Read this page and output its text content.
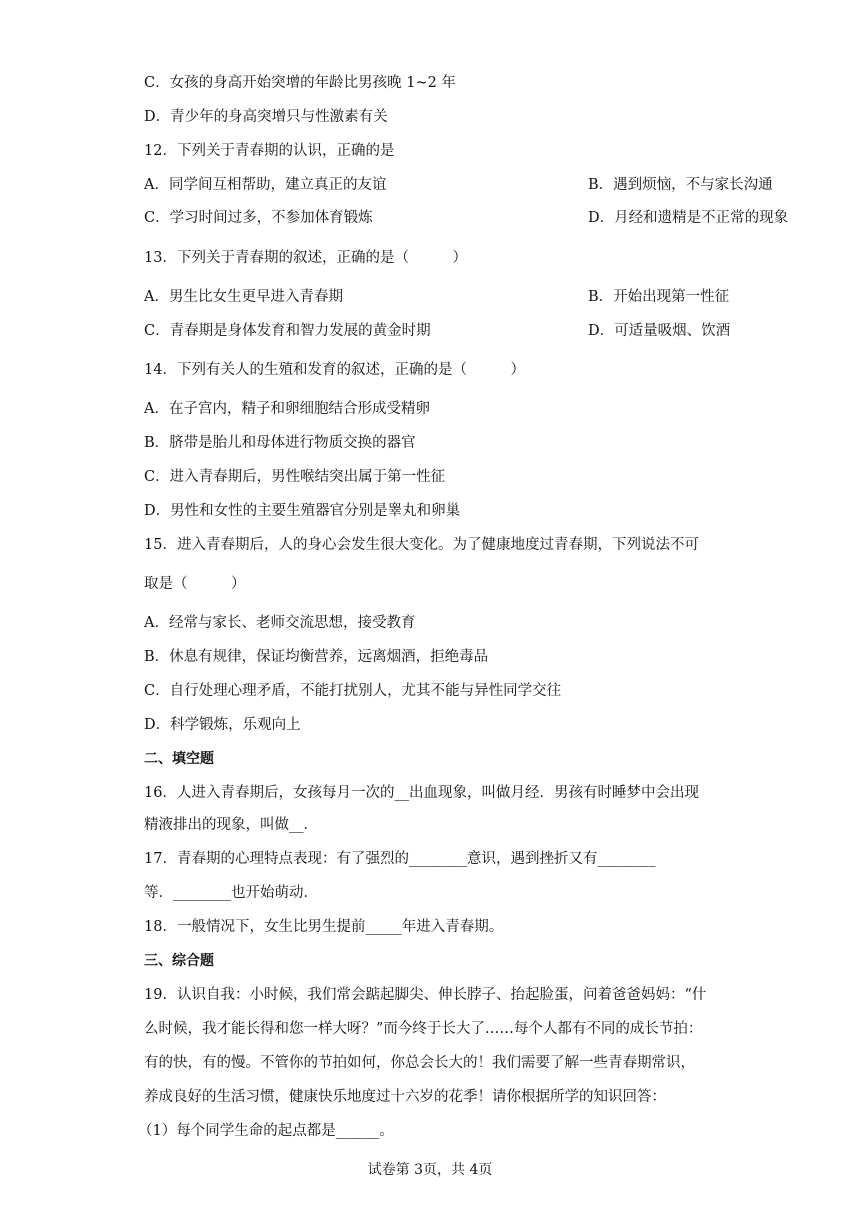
C．女孩的身高开始突增的年龄比男孩晚 1~2 年

D．青少年的身高突增只与性激素有关

12．下列关于青春期的认识，正确的是

A．同学间互相帮助，建立真正的友谊	B．遇到烦恼，不与家长沟通

C．学习时间过多，不参加体育锻炼	D．月经和遗精是不正常的现象

13．下列关于青春期的叙述，正确的是（　　　）

A．男生比女生更早进入青春期	B．开始出现第一性征

C．青春期是身体发育和智力发展的黄金时期	D．可适量吸烟、饮酒

14．下列有关人的生殖和发育的叙述，正确的是（　　　）

A．在子宫内，精子和卵细胞结合形成受精卵

B．脐带是胎儿和母体进行物质交换的器官

C．进入青春期后，男性喉结突出属于第一性征

D．男性和女性的主要生殖器官分别是睾丸和卵巢

15．进入青春期后，人的身心会发生很大变化。为了健康地度过青春期，下列说法不可

取是（　　　）

A．经常与家长、老师交流思想，接受教育

B．休息有规律，保证均衡营养，远离烟酒，拒绝毒品

C．自行处理心理矛盾，不能打扰别人，尤其不能与异性同学交往

D．科学锻炼，乐观向上

二、填空题

16．人进入青春期后，女孩每月一次的__出血现象，叫做月经．男孩有时睡梦中会出现

精液排出的现象，叫做__．

17．青春期的心理特点表现：有了强烈的________意识，遇到挫折又有________

等．________也开始萌动．

18．一般情况下，女生比男生提前_____年进入青春期。

三、综合题

19．认识自我：小时候，我们常会踮起脚尖、伸长脖子、抬起脸蛋，问着爸爸妈妈：“什

么时候，我才能长得和您一样大呀？”而今终于长大了……每个人都有不同的成长节拍：

有的快，有的慢。不管你的节拍如何，你总会长大的！我们需要了解一些青春期常识，

养成良好的生活习惯，健康快乐地度过十六岁的花季！请你根据所学的知识回答：

（1）每个同学生命的起点都是______。

试卷第 3页，共 4页
